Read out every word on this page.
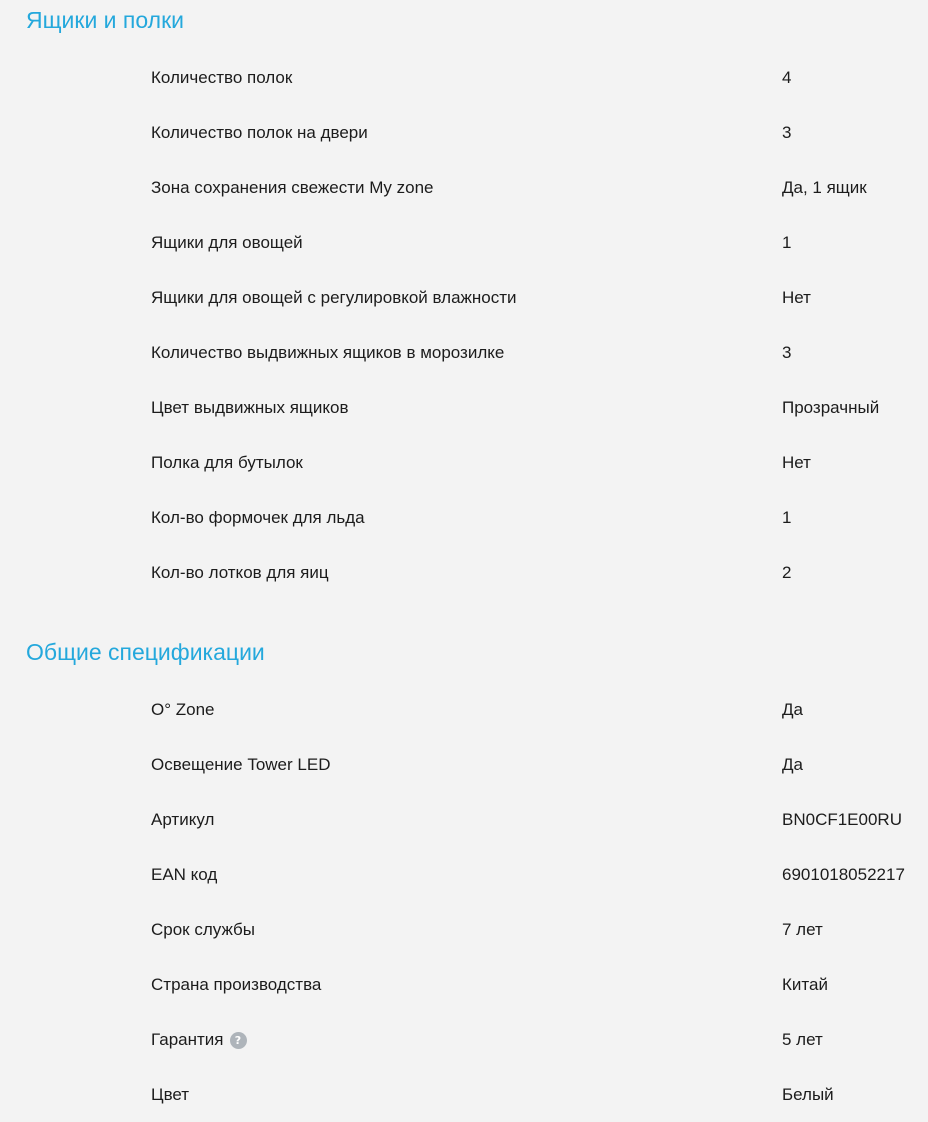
Ящики и полки
Количество полок	4
Количество полок на двери	3
Зона сохранения свежести My zone	Да, 1 ящик
Ящики для овощей	1
Ящики для овощей с регулировкой влажности	Нет
Количество выдвижных ящиков в морозилке	3
Цвет выдвижных ящиков	Прозрачный
Полка для бутылок	Нет
Кол-во формочек для льда	1
Кол-во лотков для яиц	2
Общие спецификации
O° Zone	Да
Освещение Tower LED	Да
Артикул	BN0CF1E00RU
EAN код	6901018052217
Срок службы	7 лет
Страна производства	Китай
Гарантия	?	5 лет
Цвет	Белый
